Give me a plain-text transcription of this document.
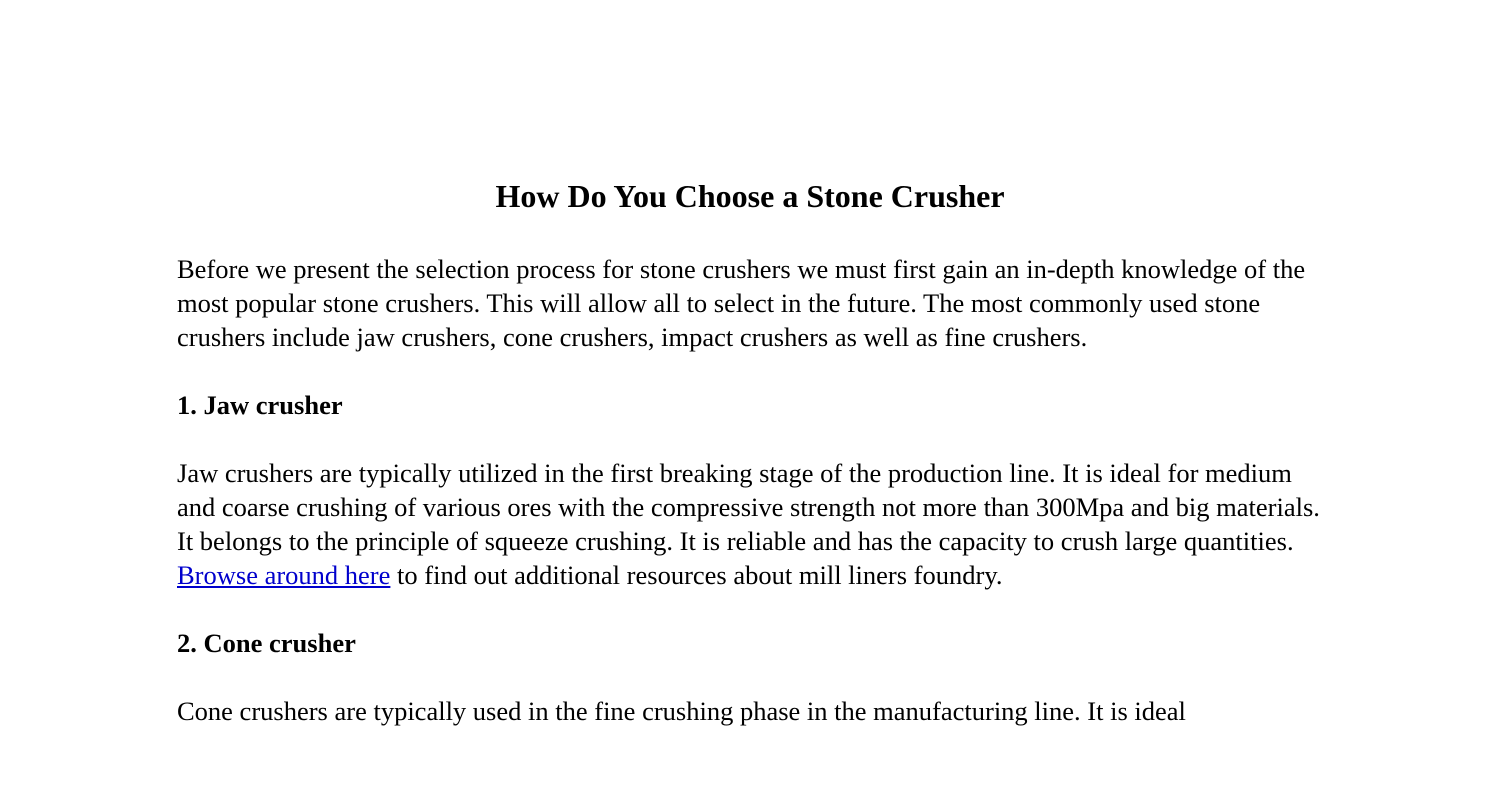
How Do You Choose a Stone Crusher

Before we present the selection process for stone crushers we must first gain an in-depth knowledge of the most popular stone crushers. This will allow all to select in the future. The most commonly used stone crushers include jaw crushers, cone crushers, impact crushers as well as fine crushers.

1. Jaw crusher

Jaw crushers are typically utilized in the first breaking stage of the production line. It is ideal for medium and coarse crushing of various ores with the compressive strength not more than 300Mpa and big materials. It belongs to the principle of squeeze crushing. It is reliable and has the capacity to crush large quantities. Browse around here to find out additional resources about mill liners foundry.

2. Cone crusher

Cone crushers are typically used in the fine crushing phase in the manufacturing line. It is ideal
